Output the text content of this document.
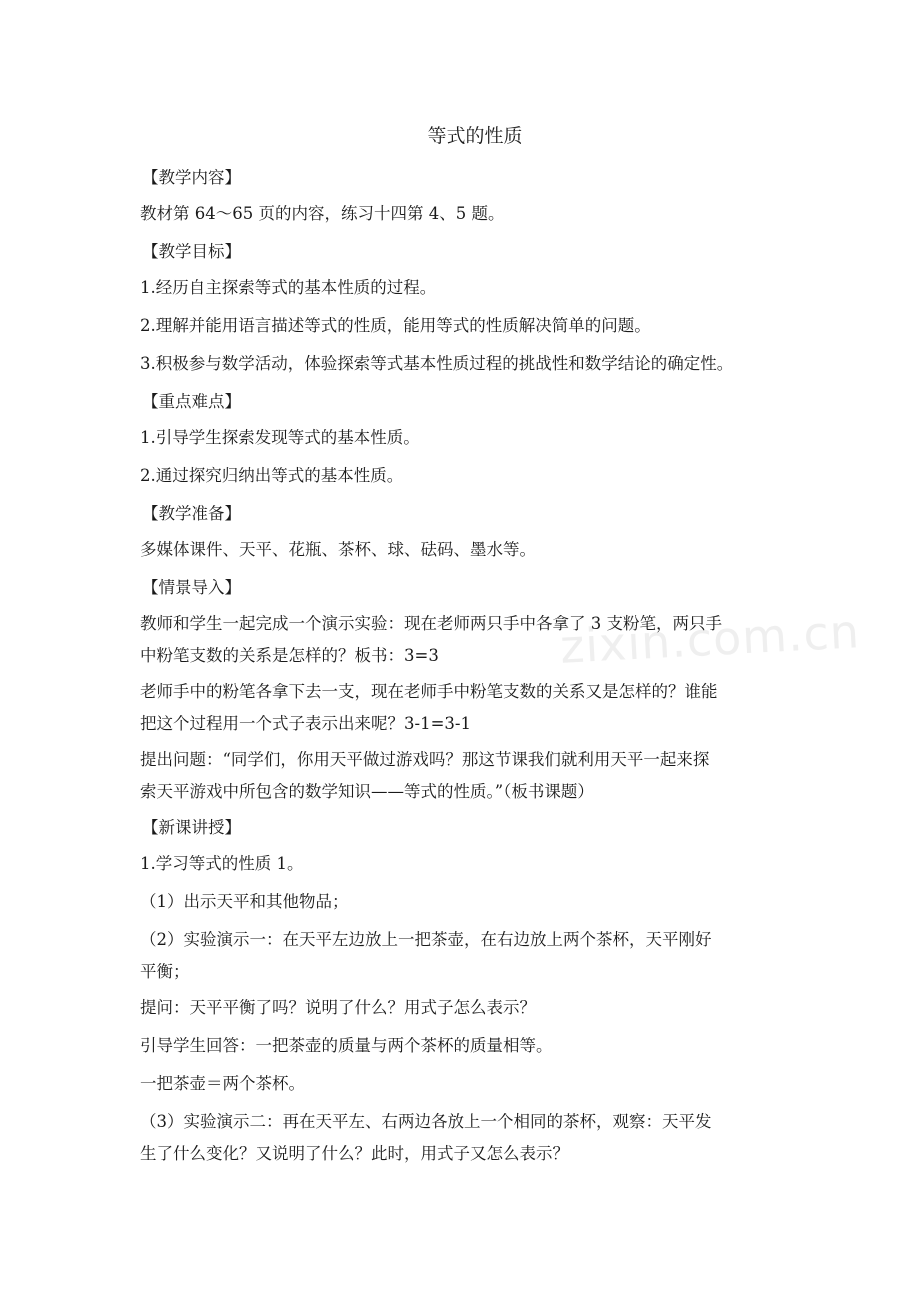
等式的性质
【教学内容】
教材第 64～65 页的内容，练习十四第 4、5 题。
【教学目标】
1.经历自主探索等式的基本性质的过程。
2.理解并能用语言描述等式的性质，能用等式的性质解决简单的问题。
3.积极参与数学活动，体验探索等式基本性质过程的挑战性和数学结论的确定性。
【重点难点】
1.引导学生探索发现等式的基本性质。
2.通过探究归纳出等式的基本性质。
【教学准备】
多媒体课件、天平、花瓶、茶杯、球、砝码、墨水等。
【情景导入】
教师和学生一起完成一个演示实验：现在老师两只手中各拿了 3 支粉笔，两只手
中粉笔支数的关系是怎样的？板书：3=3
老师手中的粉笔各拿下去一支，现在老师手中粉笔支数的关系又是怎样的？谁能
把这个过程用一个式子表示出来呢？3-1=3-1
提出问题：“同学们，你用天平做过游戏吗？那这节课我们就利用天平一起来探
索天平游戏中所包含的数学知识——等式的性质。”（板书课题）
【新课讲授】
1.学习等式的性质 1。
（1）出示天平和其他物品；
（2）实验演示一：在天平左边放上一把茶壶，在右边放上两个茶杯，天平刚好
平衡；
提问：天平平衡了吗？说明了什么？用式子怎么表示？
引导学生回答：一把茶壶的质量与两个茶杯的质量相等。
一把茶壶＝两个茶杯。
（3）实验演示二：再在天平左、右两边各放上一个相同的茶杯，观察：天平发
生了什么变化？又说明了什么？此时，用式子又怎么表示？
zixin.com.cn
